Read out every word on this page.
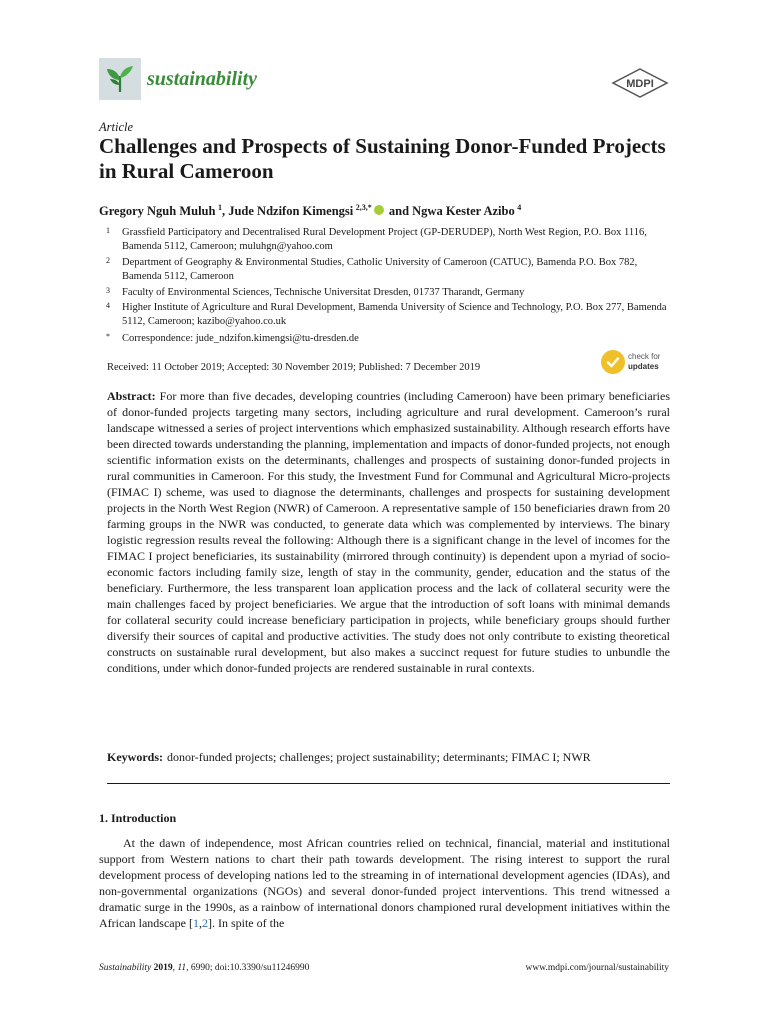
sustainability	MDPI
Article
Challenges and Prospects of Sustaining Donor-Funded Projects in Rural Cameroon
Gregory Nguh Muluh  $^1$, Jude Ndzifon Kimengsi  $^{2,3,*}$ and Ngwa Kester Azibo  $^4$
1 Grassfield Participatory and Decentralised Rural Development Project (GP-DERUDEP), North West Region, P.O. Box 1116, Bamenda 5112, Cameroon; muluhgn@yahoo.com
2 Department of Geography & Environmental Studies, Catholic University of Cameroon (CATUC), Bamenda P.O. Box 782, Bamenda 5112, Cameroon
3 Faculty of Environmental Sciences, Technische Universitat Dresden, 01737 Tharandt, Germany
4 Higher Institute of Agriculture and Rural Development, Bamenda University of Science and Technology, P.O. Box 277, Bamenda 5112, Cameroon; kazibo@yahoo.co.uk
* Correspondence: jude_ndzifon.kimengsi@tu-dresden.de
Received: 11 October 2019; Accepted: 30 November 2019; Published: 7 December 2019
check for
updates
Abstract: For more than five decades, developing countries (including Cameroon) have been primary beneficiaries of donor-funded projects targeting many sectors, including agriculture and rural development. Cameroon’s rural landscape witnessed a series of project interventions which emphasized sustainability. Although research efforts have been directed towards understanding the planning, implementation and impacts of donor-funded projects, not enough scientific information exists on the determinants, challenges and prospects of sustaining donor-funded projects in rural communities in Cameroon. For this study, the Investment Fund for Communal and Agricultural Micro-projects (FIMAC I) scheme, was used to diagnose the determinants, challenges and prospects for sustaining development projects in the North West Region (NWR) of Cameroon. A representative sample of 150 beneficiaries drawn from 20 farming groups in the NWR was conducted, to generate data which was complemented by interviews. The binary logistic regression results reveal the following: Although there is a significant change in the level of incomes for the FIMAC I project beneficiaries, its sustainability (mirrored through continuity) is dependent upon a myriad of socio-economic factors including family size, length of stay in the community, gender, education and the status of the beneficiary. Furthermore, the less transparent loan application process and the lack of collateral security were the main challenges faced by project beneficiaries. We argue that the introduction of soft loans with minimal demands for collateral security could increase beneficiary participation in projects, while beneficiary groups should further diversify their sources of capital and productive activities. The study does not only contribute to existing theoretical constructs on sustainable rural development, but also makes a succinct request for future studies to unbundle the conditions, under which donor-funded projects are rendered sustainable in rural contexts.
Keywords: donor-funded projects; challenges; project sustainability; determinants; FIMAC I; NWR
1. Introduction
At the dawn of independence, most African countries relied on technical, financial, material and institutional support from Western nations to chart their path towards development. The rising interest to support the rural development process of developing nations led to the streaming in of international development agencies (IDAs), and non-governmental organizations (NGOs) and several donor-funded project interventions. This trend witnessed a dramatic surge in the 1990s, as a rainbow of international donors championed rural development initiatives within the African landscape [1,2]. In spite of the
Sustainability 2019, 11, 6990; doi:10.3390/su11246990	www.mdpi.com/journal/sustainability
